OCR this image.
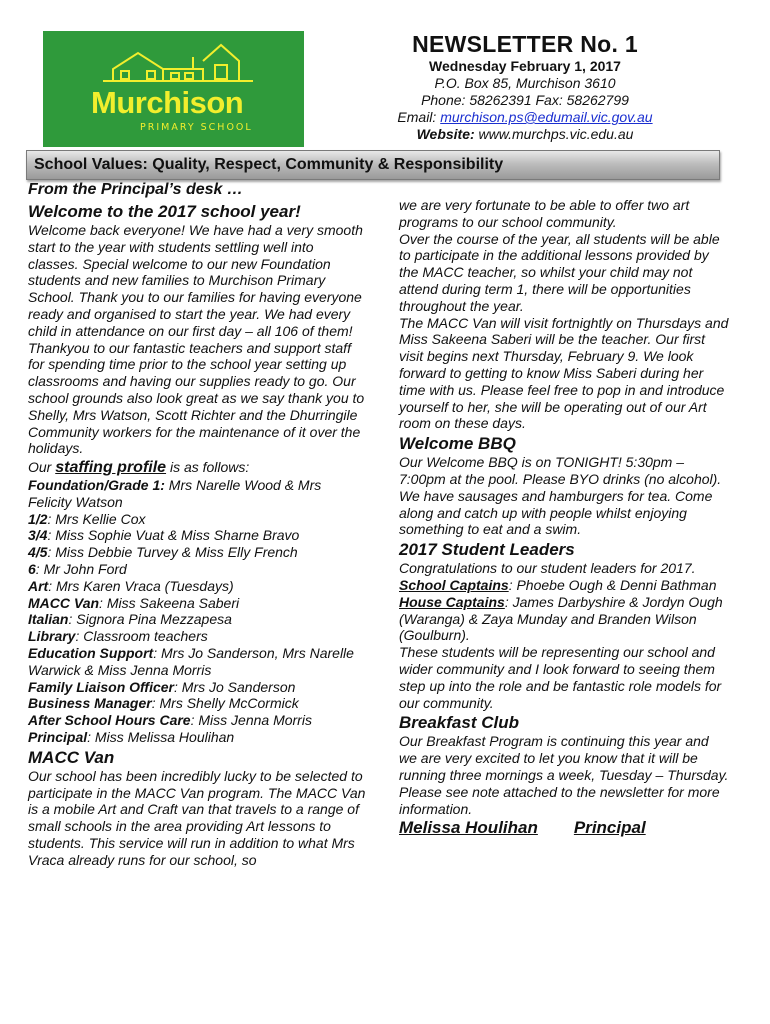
Murchison
PRIMARY SCHOOL
NEWSLETTER No. 1
Wednesday February 1, 2017
P.O. Box 85, Murchison 3610
Phone: 58262391 Fax: 58262799
Email: murchison.ps@edumail.vic.gov.au
Website: www.murchps.vic.edu.au
School Values: Quality, Respect, Community & Responsibility

From the Principal’s desk …

Welcome to the 2017 school year!

Welcome back everyone! We have had a very smooth start to the year with students settling well into classes. Special welcome to our new Foundation students and new families to Murchison Primary School. Thank you to our families for having everyone ready and organised to start the year. We had every child in attendance on our first day – all 106 of them!

Thankyou to our fantastic teachers and support staff for spending time prior to the school year setting up classrooms and having our supplies ready to go. Our school grounds also look great as we say thank you to Shelly, Mrs Watson, Scott Richter and the Dhurringile Community workers for the maintenance of it over the holidays.

Our staffing profile is as follows:

Foundation/Grade 1: Mrs Narelle Wood & Mrs Felicity Watson

1/2: Mrs Kellie Cox

3/4: Miss Sophie Vuat & Miss Sharne Bravo

4/5: Miss Debbie Turvey & Miss Elly French

6: Mr John Ford

Art: Mrs Karen Vraca (Tuesdays)

MACC Van: Miss Sakeena Saberi

Italian: Signora Pina Mezzapesa

Library: Classroom teachers

Education Support: Mrs Jo Sanderson, Mrs Narelle Warwick & Miss Jenna Morris

Family Liaison Officer: Mrs Jo Sanderson

Business Manager: Mrs Shelly McCormick

After School Hours Care: Miss Jenna Morris

Principal: Miss Melissa Houlihan

MACC Van

Our school has been incredibly lucky to be selected to participate in the MACC Van program. The MACC Van is a mobile Art and Craft van that travels to a range of small schools in the area providing Art lessons to students. This service will run in addition to what Mrs Vraca already runs for our school, so

we are very fortunate to be able to offer two art programs to our school community.

Over the course of the year, all students will be able to participate in the additional lessons provided by the MACC teacher, so whilst your child may not attend during term 1, there will be opportunities throughout the year.

The MACC Van will visit fortnightly on Thursdays and Miss Sakeena Saberi will be the teacher. Our first visit begins next Thursday, February 9. We look forward to getting to know Miss Saberi during her time with us. Please feel free to pop in and introduce yourself to her, she will be operating out of our Art room on these days.

Welcome BBQ

Our Welcome BBQ is on TONIGHT! 5:30pm – 7:00pm at the pool. Please BYO drinks (no alcohol). We have sausages and hamburgers for tea. Come along and catch up with people whilst enjoying something to eat and a swim.

2017 Student Leaders

Congratulations to our student leaders for 2017.

School Captains: Phoebe Ough & Denni Bathman

House Captains: James Darbyshire & Jordyn Ough (Waranga) & Zaya Munday and Branden Wilson (Goulburn).

These students will be representing our school and wider community and I look forward to seeing them step up into the role and be fantastic role models for our community.

Breakfast Club

Our Breakfast Program is continuing this year and we are very excited to let you know that it will be running three mornings a week, Tuesday – Thursday. Please see note attached to the newsletter for more information.

Melissa Houlihan Principal
